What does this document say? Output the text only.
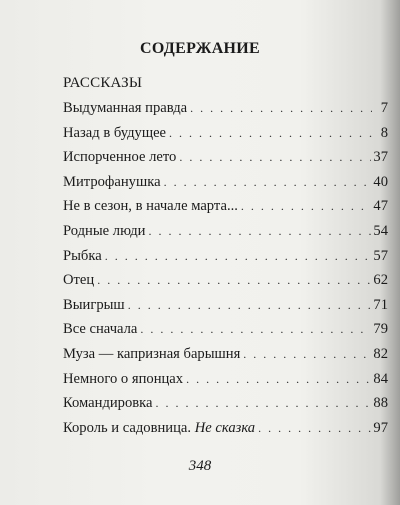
СОДЕРЖАНИЕ
РАССКАЗЫ
Выдуманная правда . . .	7
Назад в будущее . . .	8
Испорченное лето . . .	37
Митрофанушка . . .	40
Не в сезон, в начале марта... . . .	47
Родные люди . . .	54
Рыбка . . .	57
Отец . . .	62
Выигрыш . . .	71
Все сначала . . .	79
Муза — капризная барышня . . .	82
Немного о японцах . . .	84
Командировка . . .	88
Король и садовница. Не сказка . . .	97
348
